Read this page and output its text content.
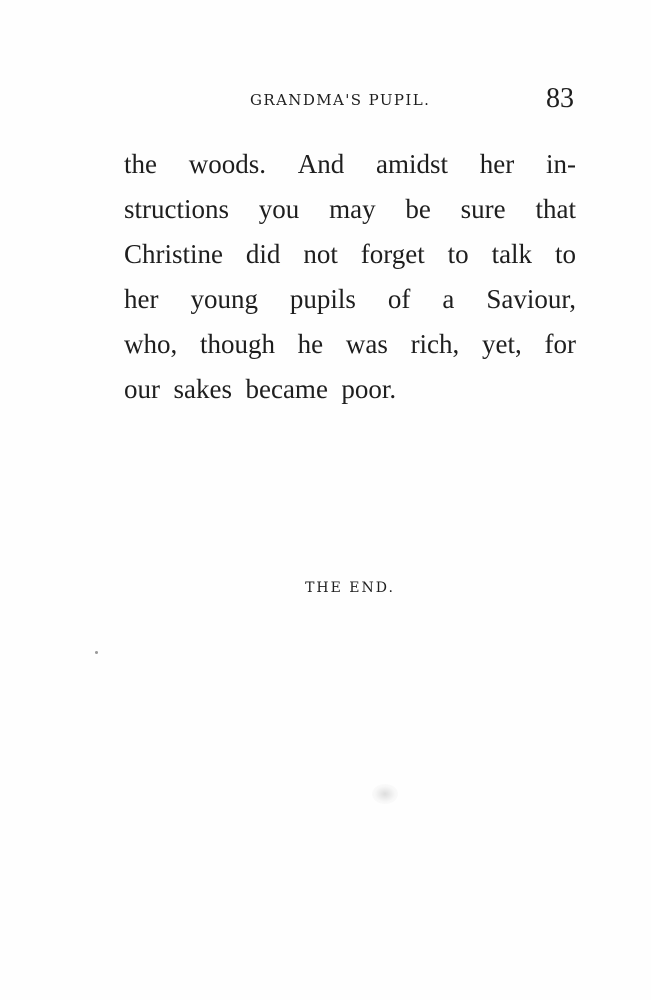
GRANDMA'S PUPIL.	83
the woods. And amidst her in-
structions you may be sure that
Christine did not forget to talk to
her young pupils of a Saviour,
who, though he was rich, yet, for
our
sakes
became
poor.
THE END.
